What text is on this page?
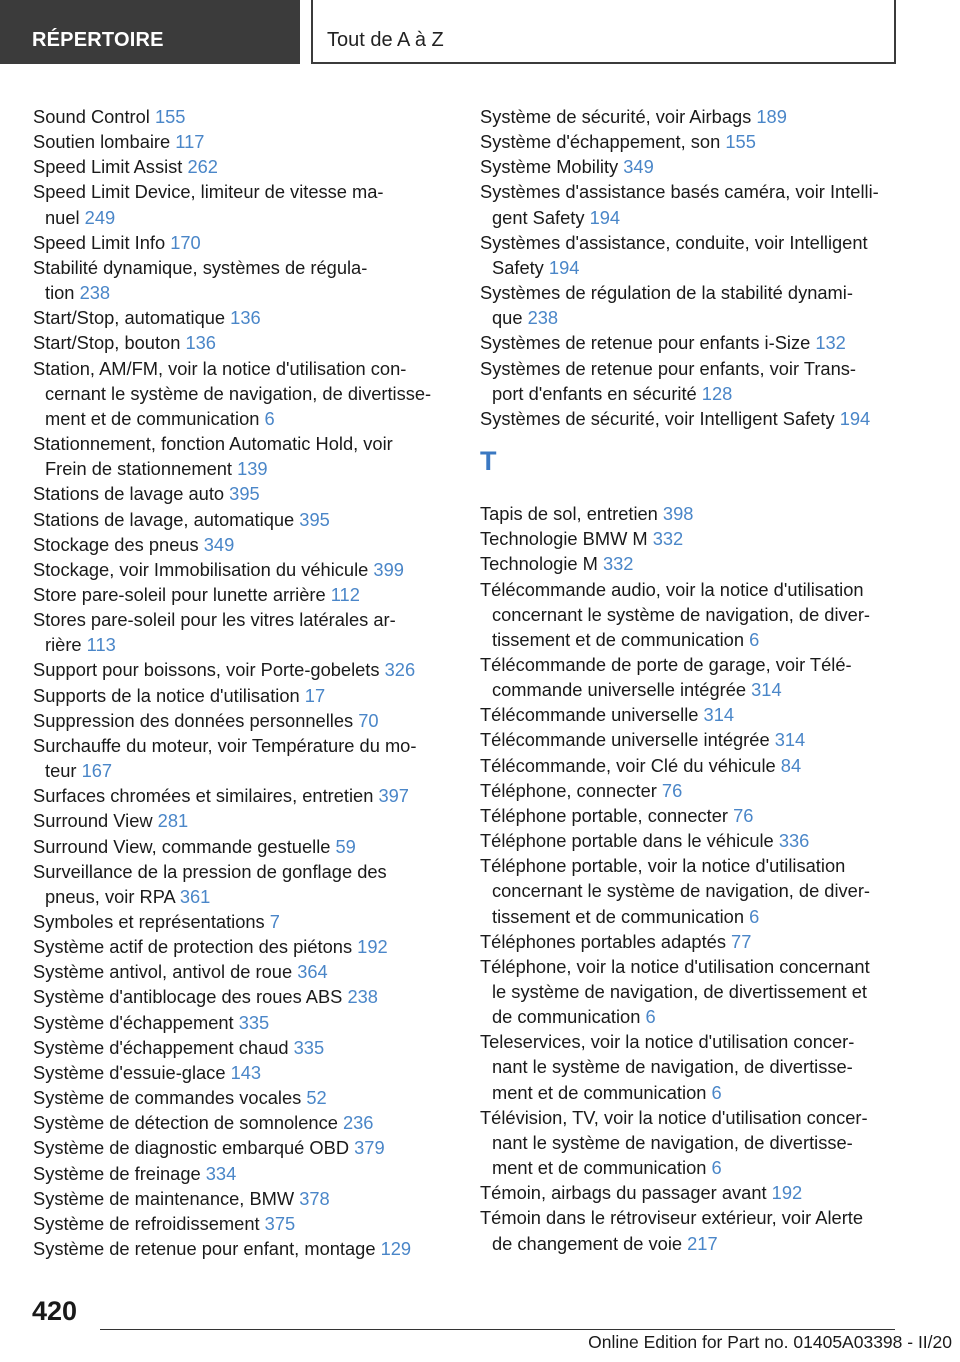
RÉPERTOIRE	Tout de A à Z
Sound Control 155
Soutien lombaire 117
Speed Limit Assist 262
Speed Limit Device, limiteur de vitesse ma-
nuel 249
Speed Limit Info 170
Stabilité dynamique, systèmes de régula-
tion 238
Start/Stop, automatique 136
Start/Stop, bouton 136
Station, AM/FM, voir la notice d'utilisation con-
cernant le système de navigation, de divertisse-
ment et de communication 6
Stationnement, fonction Automatic Hold, voir
Frein de stationnement 139
Stations de lavage auto 395
Stations de lavage, automatique 395
Stockage des pneus 349
Stockage, voir Immobilisation du véhicule 399
Store pare-soleil pour lunette arrière 112
Stores pare-soleil pour les vitres latérales ar-
rière 113
Support pour boissons, voir Porte-gobelets 326
Supports de la notice d'utilisation 17
Suppression des données personnelles 70
Surchauffe du moteur, voir Température du mo-
teur 167
Surfaces chromées et similaires, entretien 397
Surround View 281
Surround View, commande gestuelle 59
Surveillance de la pression de gonflage des
pneus, voir RPA 361
Symboles et représentations 7
Système actif de protection des piétons 192
Système antivol, antivol de roue 364
Système d'antiblocage des roues ABS 238
Système d'échappement 335
Système d'échappement chaud 335
Système d'essuie-glace 143
Système de commandes vocales 52
Système de détection de somnolence 236
Système de diagnostic embarqué OBD 379
Système de freinage 334
Système de maintenance, BMW 378
Système de refroidissement 375
Système de retenue pour enfant, montage 129
Système de sécurité, voir Airbags 189
Système d'échappement, son 155
Système Mobility 349
Systèmes d'assistance basés caméra, voir Intelli-
gent Safety 194
Systèmes d'assistance, conduite, voir Intelligent
Safety 194
Systèmes de régulation de la stabilité dynami-
que 238
Systèmes de retenue pour enfants i-Size 132
Systèmes de retenue pour enfants, voir Trans-
port d'enfants en sécurité 128
Systèmes de sécurité, voir Intelligent Safety 194
T
Tapis de sol, entretien 398
Technologie BMW M 332
Technologie M 332
Télécommande audio, voir la notice d'utilisation
concernant le système de navigation, de diver-
tissement et de communication 6
Télécommande de porte de garage, voir Télé-
commande universelle intégrée 314
Télécommande universelle 314
Télécommande universelle intégrée 314
Télécommande, voir Clé du véhicule 84
Téléphone, connecter 76
Téléphone portable, connecter 76
Téléphone portable dans le véhicule 336
Téléphone portable, voir la notice d'utilisation
concernant le système de navigation, de diver-
tissement et de communication 6
Téléphones portables adaptés 77
Téléphone, voir la notice d'utilisation concernant
le système de navigation, de divertissement et
de communication 6
Teleservices, voir la notice d'utilisation concer-
nant le système de navigation, de divertisse-
ment et de communication 6
Télévision, TV, voir la notice d'utilisation concer-
nant le système de navigation, de divertisse-
ment et de communication 6
Témoin, airbags du passager avant 192
Témoin dans le rétroviseur extérieur, voir Alerte
de changement de voie 217
420
Online Edition for Part no. 01405A03398 - II/20
